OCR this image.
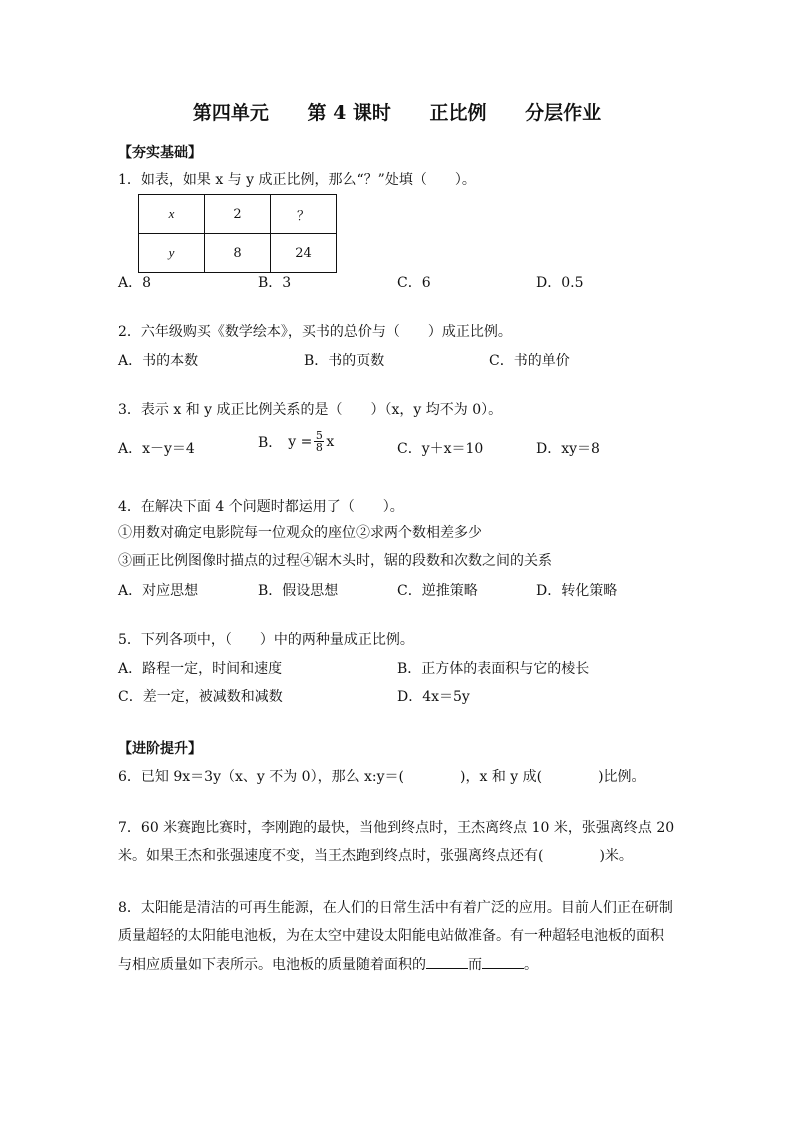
第四单元 第 4 课时 正比例 分层作业
【夯实基础】
1．如表，如果 x 与 y 成正比例，那么“？”处填（　　）。
x	2	？
y	8	24
A．8	B．3	C．6	D．0.5
2．六年级购买《数学绘本》，买书的总价与（　　）成正比例。
A．书的本数	B．书的页数	C．书的单价
3．表示 x 和 y 成正比例关系的是（　　）（x，y 均不为 0）。
A．x－y＝4	B． $y = \frac{5}{8}$ x	C．y＋x＝10	D．xy＝8
4．在解决下面 4 个问题时都运用了（　　）。
①用数对确定电影院每一位观众的座位②求两个数相差多少
③画正比例图像时描点的过程④锯木头时，锯的段数和次数之间的关系
A．对应思想	B．假设思想	C．逆推策略	D．转化策略
5．下列各项中，（　　）中的两种量成正比例。
A．路程一定，时间和速度	B．正方体的表面积与它的棱长
C．差一定，被减数和减数	D．4x＝5y
【进阶提升】
6．已知 9x＝3y（x、y 不为 0），那么 x:y＝(　　　　)，x 和 y 成(　　　　)比例。
7．60 米赛跑比赛时，李刚跑的最快，当他到终点时，王杰离终点 10 米，张强离终点 20
米。如果王杰和张强速度不变，当王杰跑到终点时，张强离终点还有(　　　　)米。
8．太阳能是清洁的可再生能源，在人们的日常生活中有着广泛的应用。目前人们正在研制
质量超轻的太阳能电池板，为在太空中建设太阳能电站做准备。有一种超轻电池板的面积
与相应质量如下表所示。电池板的质量随着面积的	而	。
